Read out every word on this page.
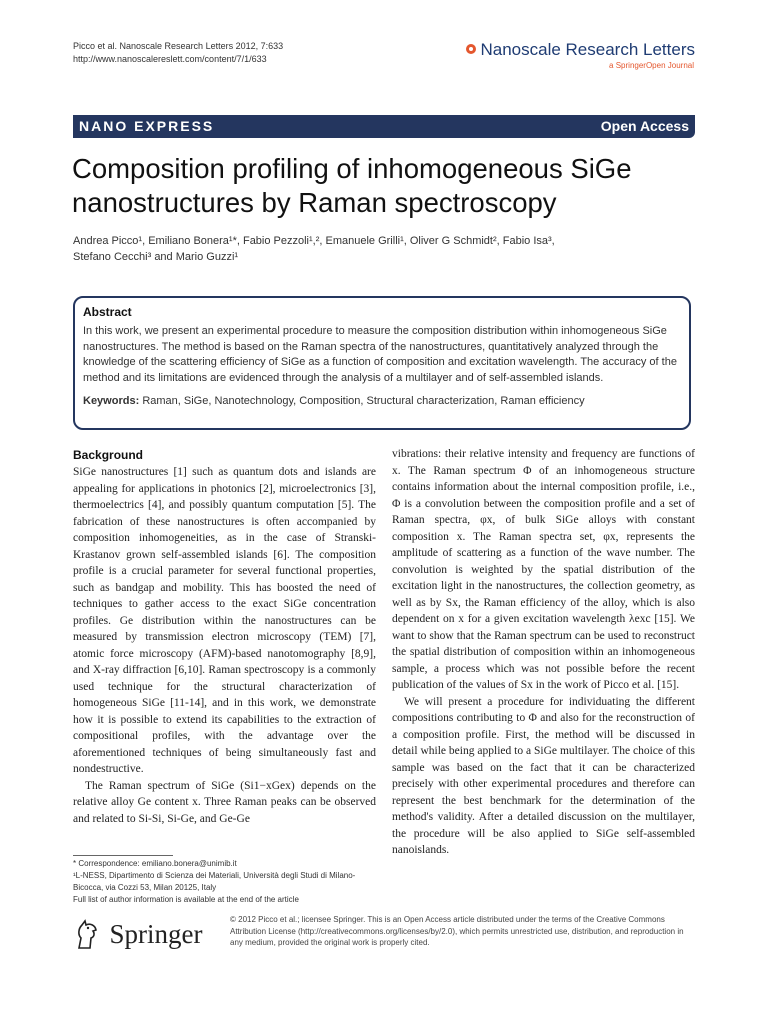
Picco et al. Nanoscale Research Letters 2012, 7:633
http://www.nanoscalereslett.com/content/7/1/633	Nanoscale Research Letters
a SpringerOpen Journal
NANO EXPRESS	Open Access
Composition profiling of inhomogeneous SiGe nanostructures by Raman spectroscopy
Andrea Picco¹, Emiliano Bonera¹*, Fabio Pezzoli¹,², Emanuele Grilli¹, Oliver G Schmidt², Fabio Isa³,
Stefano Cecchi³ and Mario Guzzi¹
Abstract

In this work, we present an experimental procedure to measure the composition distribution within inhomogeneous SiGe nanostructures. The method is based on the Raman spectra of the nanostructures, quantitatively analyzed through the knowledge of the scattering efficiency of SiGe as a function of composition and excitation wavelength. The accuracy of the method and its limitations are evidenced through the analysis of a multilayer and of self-assembled islands.

Keywords: Raman, SiGe, Nanotechnology, Composition, Structural characterization, Raman efficiency

Background

SiGe nanostructures [1] such as quantum dots and islands are appealing for applications in photonics [2], microelectronics [3], thermoelectrics [4], and possibly quantum computation [5]. The fabrication of these nanostructures is often accompanied by composition inhomogeneities, as in the case of Stranski-Krastanov grown self-assembled islands [6]. The composition profile is a crucial parameter for several functional properties, such as bandgap and mobility. This has boosted the need of techniques to gather access to the exact SiGe concentration profiles. Ge distribution within the nanostructures can be measured by transmission electron microscopy (TEM) [7], atomic force microscopy (AFM)-based nanotomography [8,9], and X-ray diffraction [6,10]. Raman spectroscopy is a commonly used technique for the structural characterization of homogeneous SiGe [11-14], and in this work, we demonstrate how it is possible to extend its capabilities to the extraction of compositional profiles, with the advantage over the aforementioned techniques of being simultaneously fast and nondestructive.

The Raman spectrum of SiGe (Si1−xGex) depends on the relative alloy Ge content x. Three Raman peaks can be observed and related to Si-Si, Si-Ge, and Ge-Ge

vibrations: their relative intensity and frequency are functions of x. The Raman spectrum Φ of an inhomogeneous structure contains information about the internal composition profile, i.e., Φ is a convolution between the composition profile and a set of Raman spectra, φx, of bulk SiGe alloys with constant composition x. The Raman spectra set, φx, represents the amplitude of scattering as a function of the wave number. The convolution is weighted by the spatial distribution of the excitation light in the nanostructures, the collection geometry, as well as by Sx, the Raman efficiency of the alloy, which is also dependent on x for a given excitation wavelength λexc [15]. We want to show that the Raman spectrum can be used to reconstruct the spatial distribution of composition within an inhomogeneous sample, a process which was not possible before the recent publication of the values of Sx in the work of Picco et al. [15].

We will present a procedure for individuating the different compositions contributing to Φ and also for the reconstruction of a composition profile. First, the method will be discussed in detail while being applied to a SiGe multilayer. The choice of this sample was based on the fact that it can be characterized precisely with other experimental procedures and therefore can represent the best benchmark for the determination of the method's validity. After a detailed discussion on the multilayer, the procedure will be also applied to SiGe self-assembled nanoislands.

* Correspondence: emiliano.bonera@unimib.it
¹L-NESS, Dipartimento di Scienza dei Materiali, Università degli Studi di Milano-Bicocca, via Cozzi 53, Milan 20125, Italy
Full list of author information is available at the end of the article
Springer	© 2012 Picco et al.; licensee Springer. This is an Open Access article distributed under the terms of the Creative Commons Attribution License (http://creativecommons.org/licenses/by/2.0), which permits unrestricted use, distribution, and reproduction in any medium, provided the original work is properly cited.
